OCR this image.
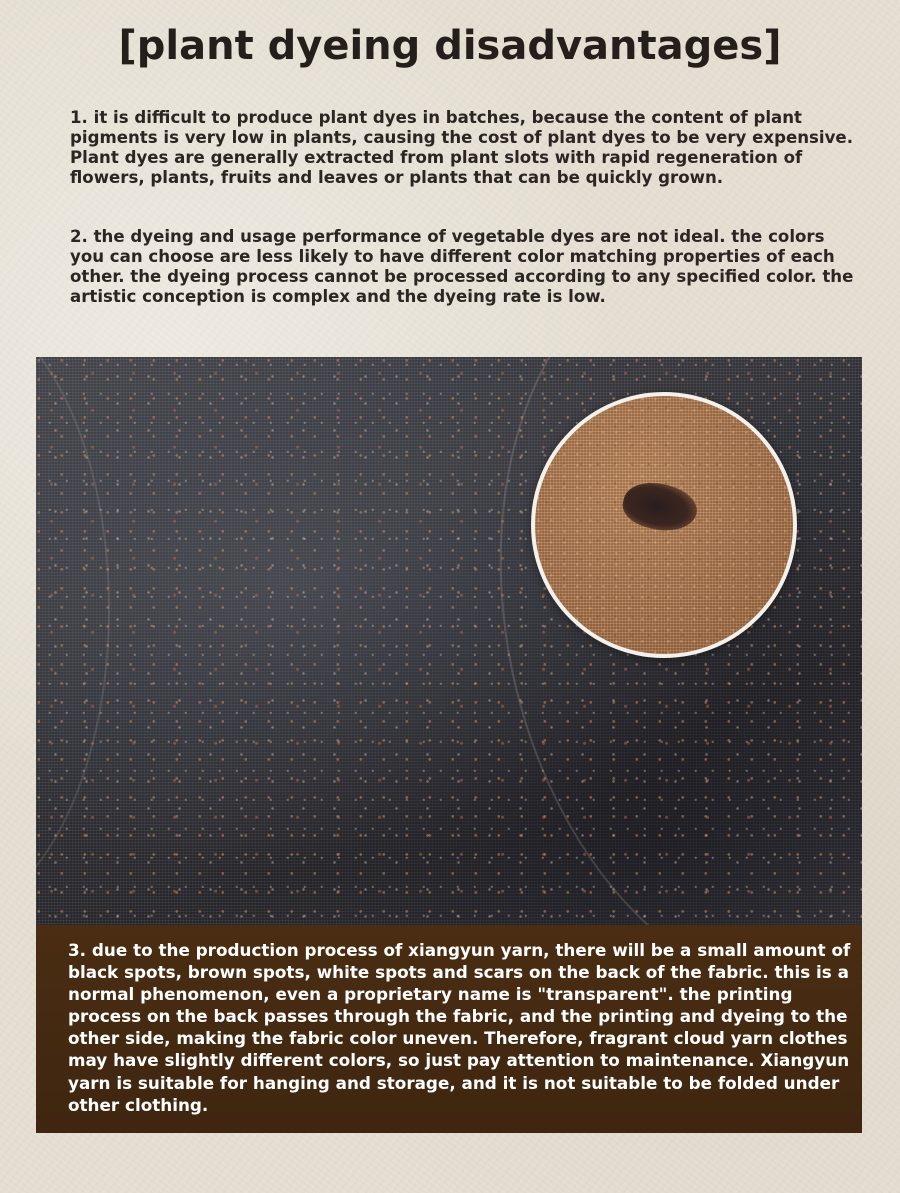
[plant dyeing disadvantages]

1. it is difficult to produce plant dyes in batches, because the content of plant pigments is very low in plants, causing the cost of plant dyes to be very expensive. Plant dyes are generally extracted from plant slots with rapid regeneration of flowers, plants, fruits and leaves or plants that can be quickly grown.

2. the dyeing and usage performance of vegetable dyes are not ideal. the colors you can choose are less likely to have different color matching properties of each other. the dyeing process cannot be processed according to any specified color. the artistic conception is complex and the dyeing rate is low.

3. due to the production process of xiangyun yarn, there will be a small amount of black spots, brown spots, white spots and scars on the back of the fabric. this is a normal phenomenon, even a proprietary name is "transparent". the printing process on the back passes through the fabric, and the printing and dyeing to the other side, making the fabric color uneven. Therefore, fragrant cloud yarn clothes may have slightly different colors, so just pay attention to maintenance. Xiangyun yarn is suitable for hanging and storage, and it is not suitable to be folded under other clothing.
